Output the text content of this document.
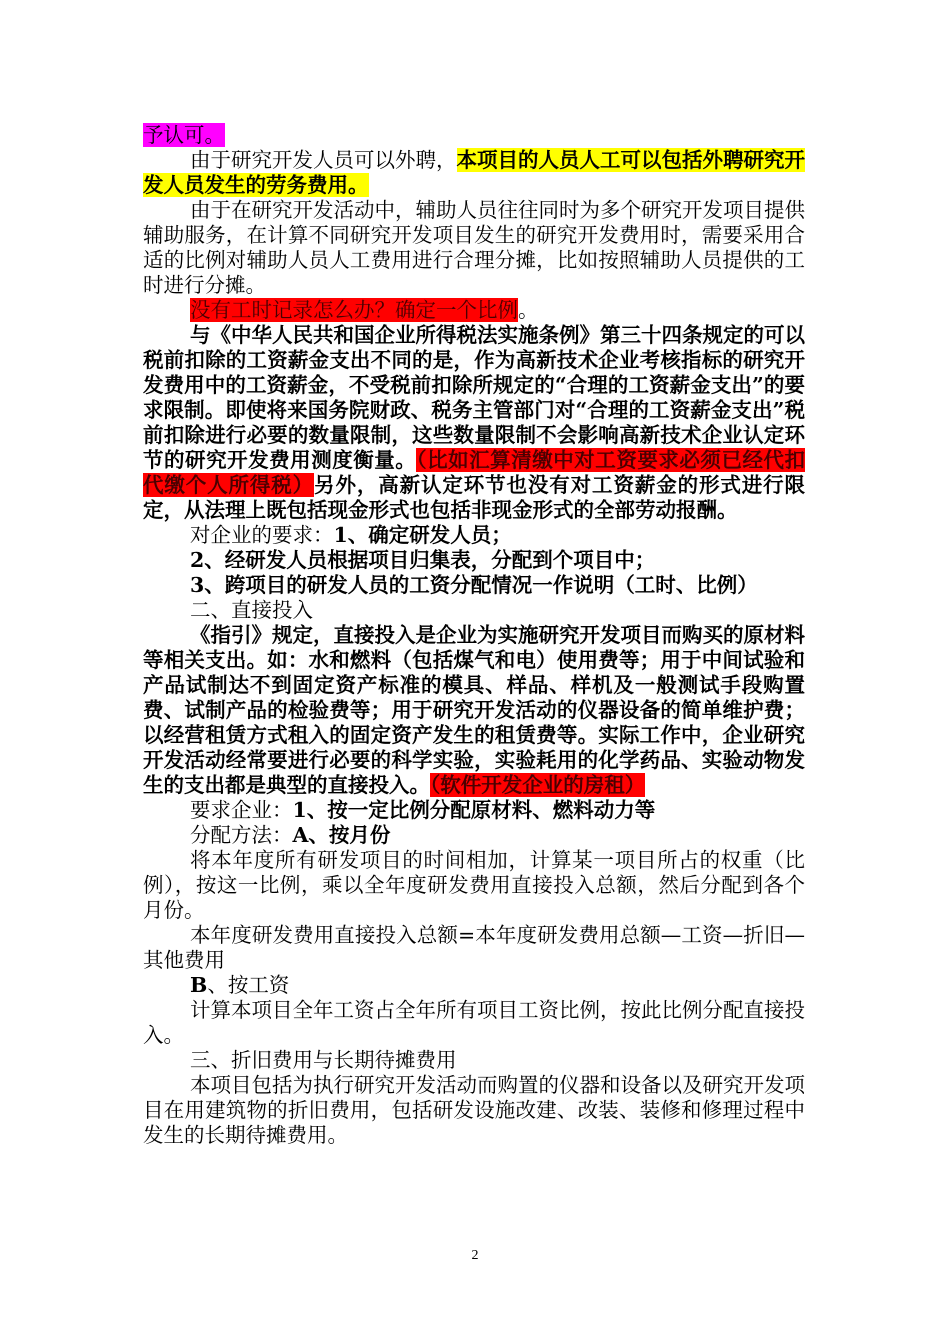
予认可。

由于研究开发人员可以外聘，本项目的人员人工可以包括外聘研究开发人员发生的劳务费用。

由于在研究开发活动中，辅助人员往往同时为多个研究开发项目提供辅助服务，在计算不同研究开发项目发生的研究开发费用时，需要采用合适的比例对辅助人员人工费用进行合理分摊，比如按照辅助人员提供的工时进行分摊。

没有工时记录怎么办？确定一个比例。

与《中华人民共和国企业所得税法实施条例》第三十四条规定的可以税前扣除的工资薪金支出不同的是，作为高新技术企业考核指标的研究开发费用中的工资薪金，不受税前扣除所规定的“合理的工资薪金支出”的要求限制。即使将来国务院财政、税务主管部门对“合理的工资薪金支出”税前扣除进行必要的数量限制，这些数量限制不会影响高新技术企业认定环节的研究开发费用测度衡量。（比如汇算清缴中对工资要求必须已经代扣代缴个人所得税）另外，高新认定环节也没有对工资薪金的形式进行限定，从法理上既包括现金形式也包括非现金形式的全部劳动报酬。

对企业的要求：1、确定研发人员；

2、经研发人员根据项目归集表，分配到个项目中；

3、跨项目的研发人员的工资分配情况一作说明（工时、比例）

二、直接投入

《指引》规定，直接投入是企业为实施研究开发项目而购买的原材料等相关支出。如：水和燃料（包括煤气和电）使用费等；用于中间试验和产品试制达不到固定资产标准的模具、样品、样机及一般测试手段购置费、试制产品的检验费等；用于研究开发活动的仪器设备的简单维护费；以经营租赁方式租入的固定资产发生的租赁费等。实际工作中，企业研究开发活动经常要进行必要的科学实验，实验耗用的化学药品、实验动物发生的支出都是典型的直接投入。（软件开发企业的房租）

要求企业：1、按一定比例分配原材料、燃料动力等

分配方法：A、按月份

将本年度所有研发项目的时间相加，计算某一项目所占的权重（比例），按这一比例，乘以全年度研发费用直接投入总额，然后分配到各个月份。

本年度研发费用直接投入总额=本年度研发费用总额—工资—折旧—其他费用

B、按工资

计算本项目全年工资占全年所有项目工资比例，按此比例分配直接投入。

三、折旧费用与长期待摊费用

本项目包括为执行研究开发活动而购置的仪器和设备以及研究开发项目在用建筑物的折旧费用，包括研发设施改建、改装、装修和修理过程中发生的长期待摊费用。

2
